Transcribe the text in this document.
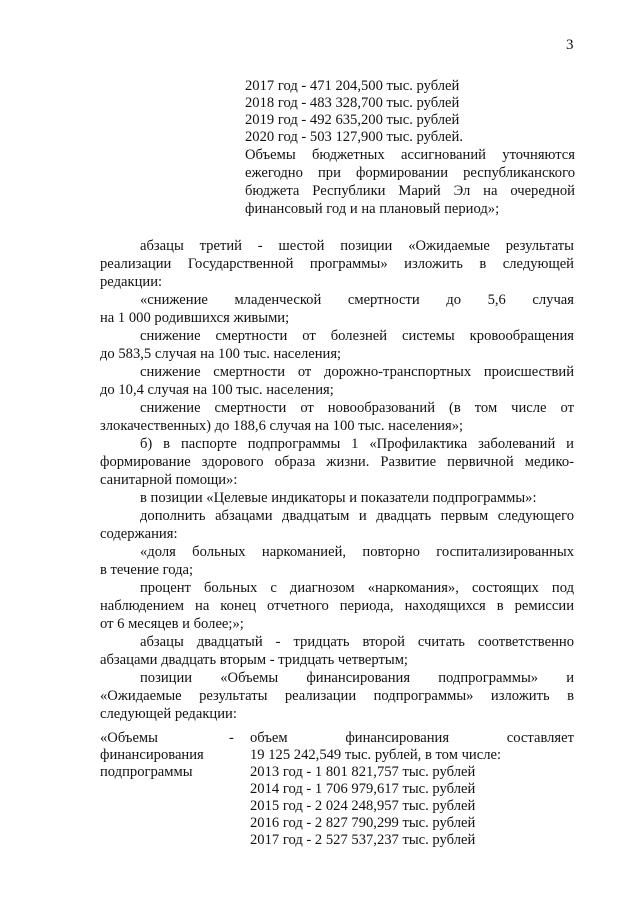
3
2017 год - 471 204,500 тыс. рублей
2018 год - 483 328,700 тыс. рублей
2019 год - 492 635,200 тыс. рублей
2020 год - 503 127,900 тыс. рублей.
Объемы бюджетных ассигнований уточняются
ежегодно при формировании республиканского
бюджета Республики Марий Эл на очередной
финансовый год и на плановый период»;
абзацы третий - шестой позиции «Ожидаемые результаты
реализации Государственной программы» изложить в следующей
редакции:
«снижение младенческой смертности до 5,6 случая
на 1 000 родившихся живыми;
снижение смертности от болезней системы кровообращения
до 583,5 случая на 100 тыс. населения;
снижение смертности от дорожно-транспортных происшествий
до 10,4 случая на 100 тыс. населения;
снижение смертности от новообразований (в том числе от
злокачественных) до 188,6 случая на 100 тыс. населения»;
б) в паспорте подпрограммы 1 «Профилактика заболеваний и
формирование здорового образа жизни. Развитие первичной медико-
санитарной помощи»:
в позиции «Целевые индикаторы и показатели подпрограммы»:
дополнить абзацами двадцатым и двадцать первым следующего
содержания:
«доля больных наркоманией, повторно госпитализированных
в течение года;
процент больных с диагнозом «наркомания», состоящих под
наблюдением на конец отчетного периода, находящихся в ремиссии
от 6 месяцев и более;»;
абзацы двадцатый - тридцать второй считать соответственно
абзацами двадцать вторым - тридцать четвертым;
позиции «Объемы финансирования подпрограммы» и
«Ожидаемые результаты реализации подпрограммы» изложить в
следующей редакции:
«Объемы
финансирования
подпрограммы
- объем финансирования составляет
19 125 242,549 тыс. рублей, в том числе:
2013 год - 1 801 821,757 тыс. рублей
2014 год - 1 706 979,617 тыс. рублей
2015 год - 2 024 248,957 тыс. рублей
2016 год - 2 827 790,299 тыс. рублей
2017 год - 2 527 537,237 тыс. рублей
